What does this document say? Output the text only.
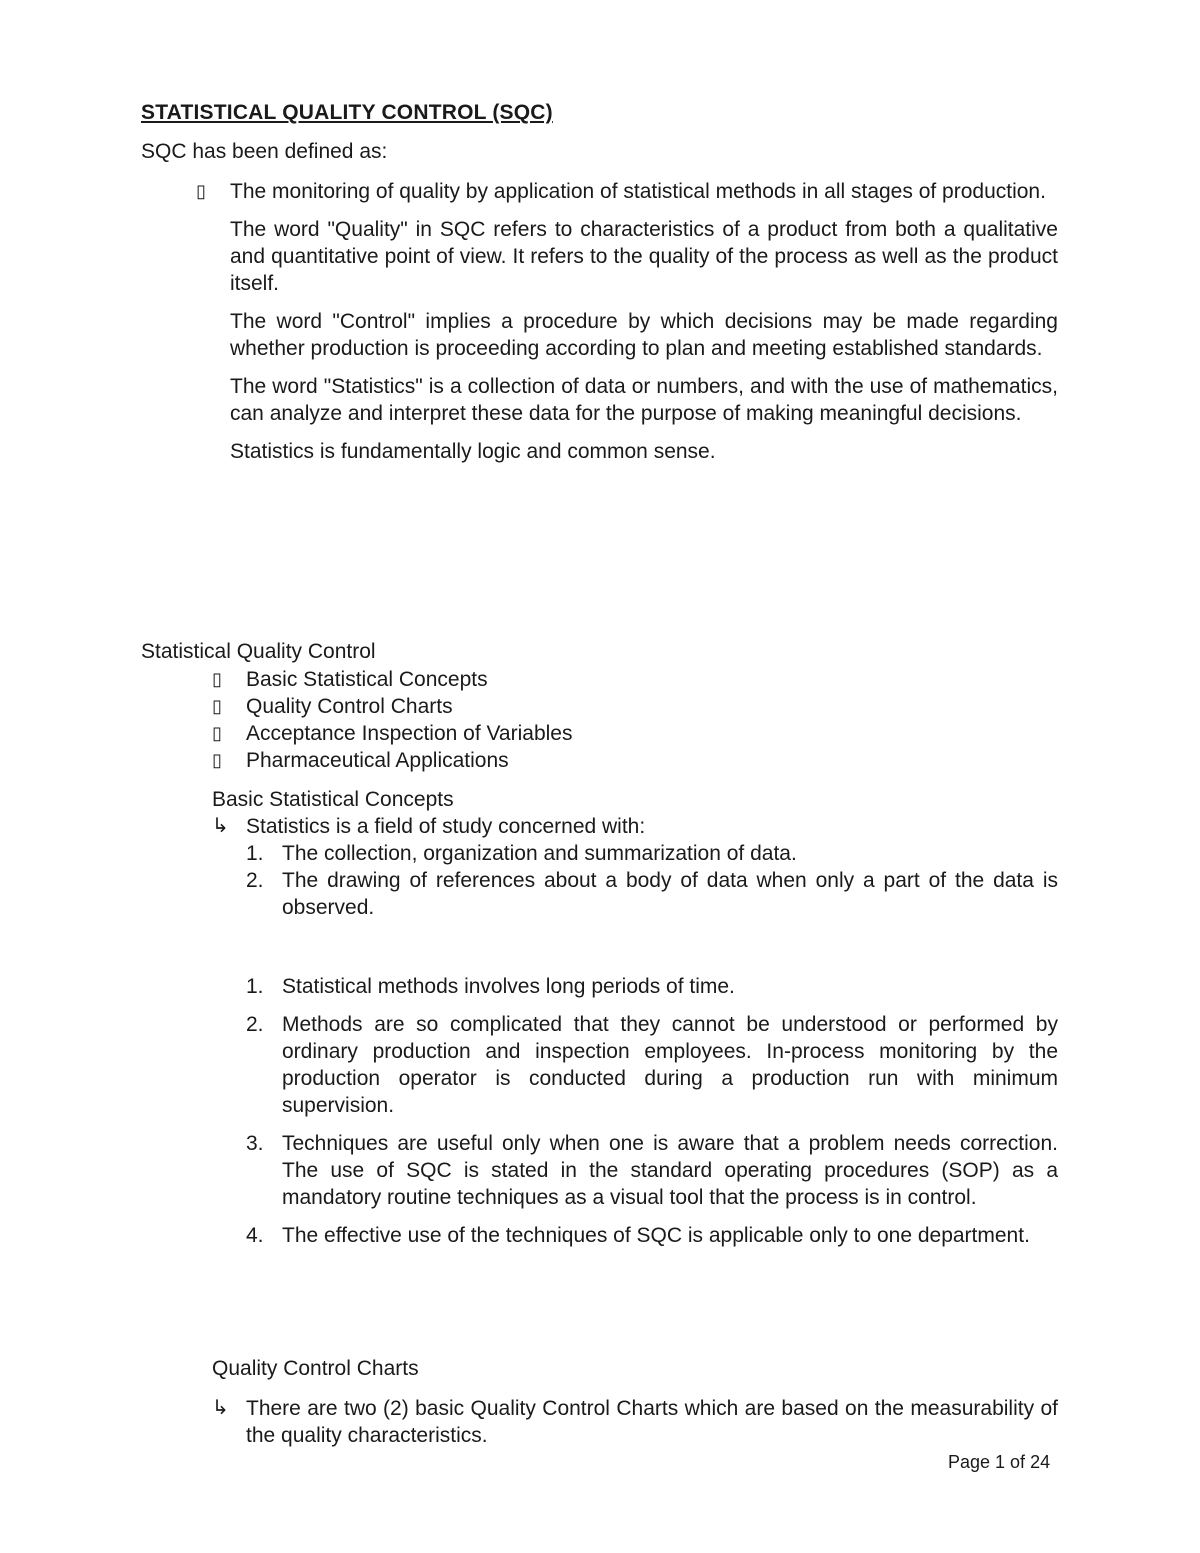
STATISTICAL QUALITY CONTROL (SQC)

SQC has been defined as:

▯	The monitoring of quality by application of statistical methods in all stages of production.

The word "Quality" in SQC refers to characteristics of a product from both a qualitative and quantitative point of view. It refers to the quality of the process as well as the product itself.

The word "Control" implies a procedure by which decisions may be made regarding whether production is proceeding according to plan and meeting established standards.

The word "Statistics" is a collection of data or numbers, and with the use of mathematics, can analyze and interpret these data for the purpose of making meaningful decisions.

Statistics is fundamentally logic and common sense.

Statistical Quality Control

▯	Basic Statistical Concepts
▯	Quality Control Charts
▯	Acceptance Inspection of Variables
▯	Pharmaceutical Applications

Basic Statistical Concepts

↳ Statistics is a field of study concerned with:

1. The collection, organization and summarization of data.

2. The drawing of references about a body of data when only a part of the data is observed.

1. Statistical methods involves long periods of time.

2. Methods are so complicated that they cannot be understood or performed by ordinary production and inspection employees. In-process monitoring by the production operator is conducted during a production run with minimum supervision.

3. Techniques are useful only when one is aware that a problem needs correction. The use of SQC is stated in the standard operating procedures (SOP) as a mandatory routine techniques as a visual tool that the process is in control.

4. The effective use of the techniques of SQC is applicable only to one department.

Quality Control Charts

↳ There are two (2) basic Quality Control Charts which are based on the measurability of the quality characteristics.

Page 1 of 24
